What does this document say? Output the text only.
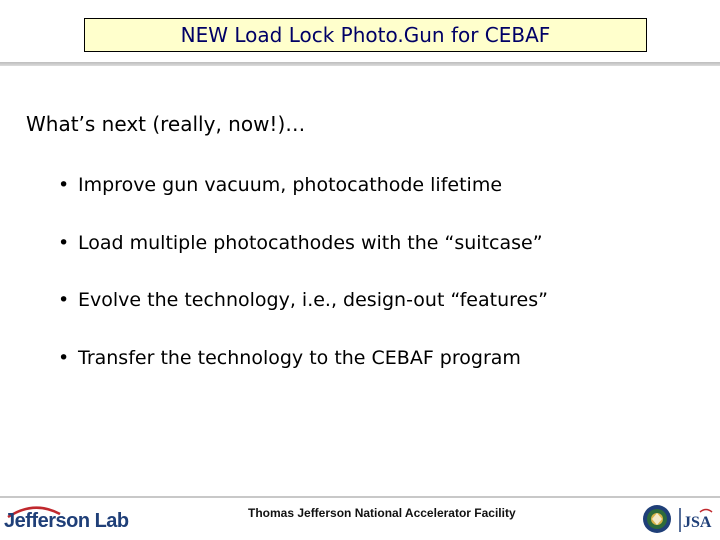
NEW Load Lock Photo.Gun for CEBAF
What’s next (really, now!)…
• Improve gun vacuum, photocathode lifetime
• Load multiple photocathodes with the “suitcase”
• Evolve the technology, i.e., design-out “features”
• Transfer the technology to the CEBAF program
Jefferson Lab	Thomas Jefferson National Accelerator Facility
JSA
